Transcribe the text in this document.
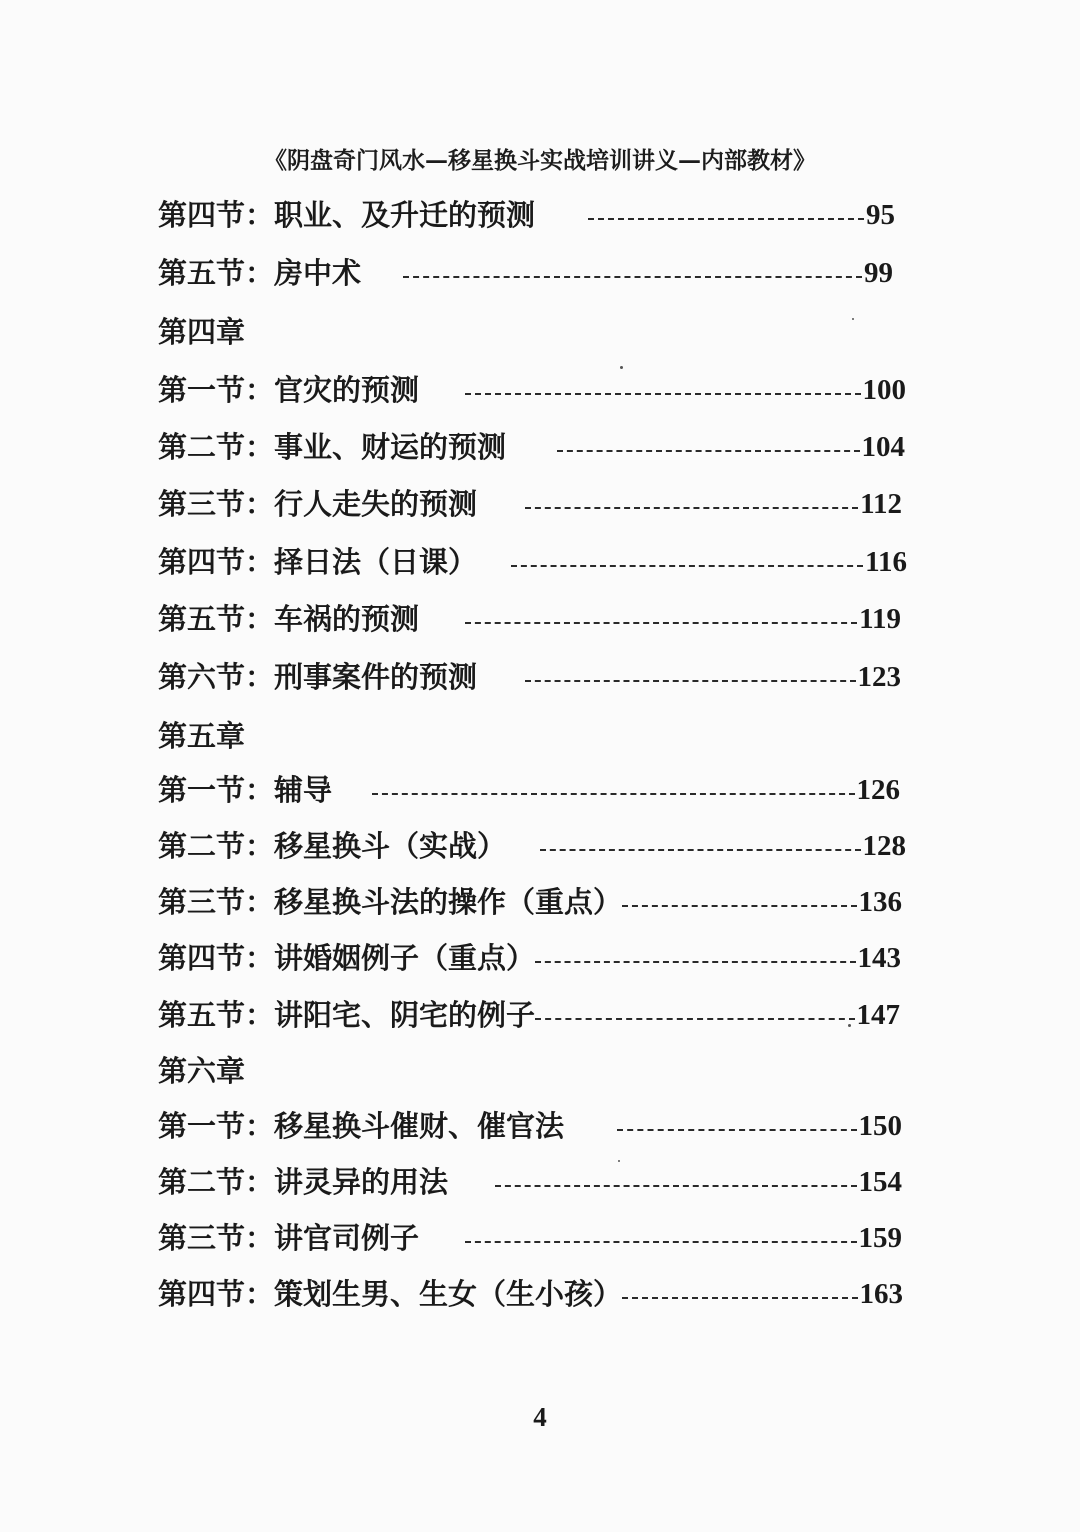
《阴盘奇门风水—移星换斗实战培训讲义—内部教材》
第四节： 职业、及升迁的预测	95
第五节： 房中术	99
第四章
第一节： 官灾的预测	100
第二节： 事业、财运的预测	104
第三节： 行人走失的预测	112
第四节： 择日法（日课）	116
第五节： 车祸的预测	119
第六节： 刑事案件的预测	123
第五章
第一节： 辅导	126
第二节： 移星换斗（实战）	128
第三节： 移星换斗法的操作（重点）	136
第四节： 讲婚姻例子（重点）	143
第五节： 讲阳宅、阴宅的例子	147
第六章
第一节： 移星换斗催财、催官法	150
第二节： 讲灵异的用法	154
第三节： 讲官司例子	159
第四节： 策划生男、生女（生小孩）	163
4
